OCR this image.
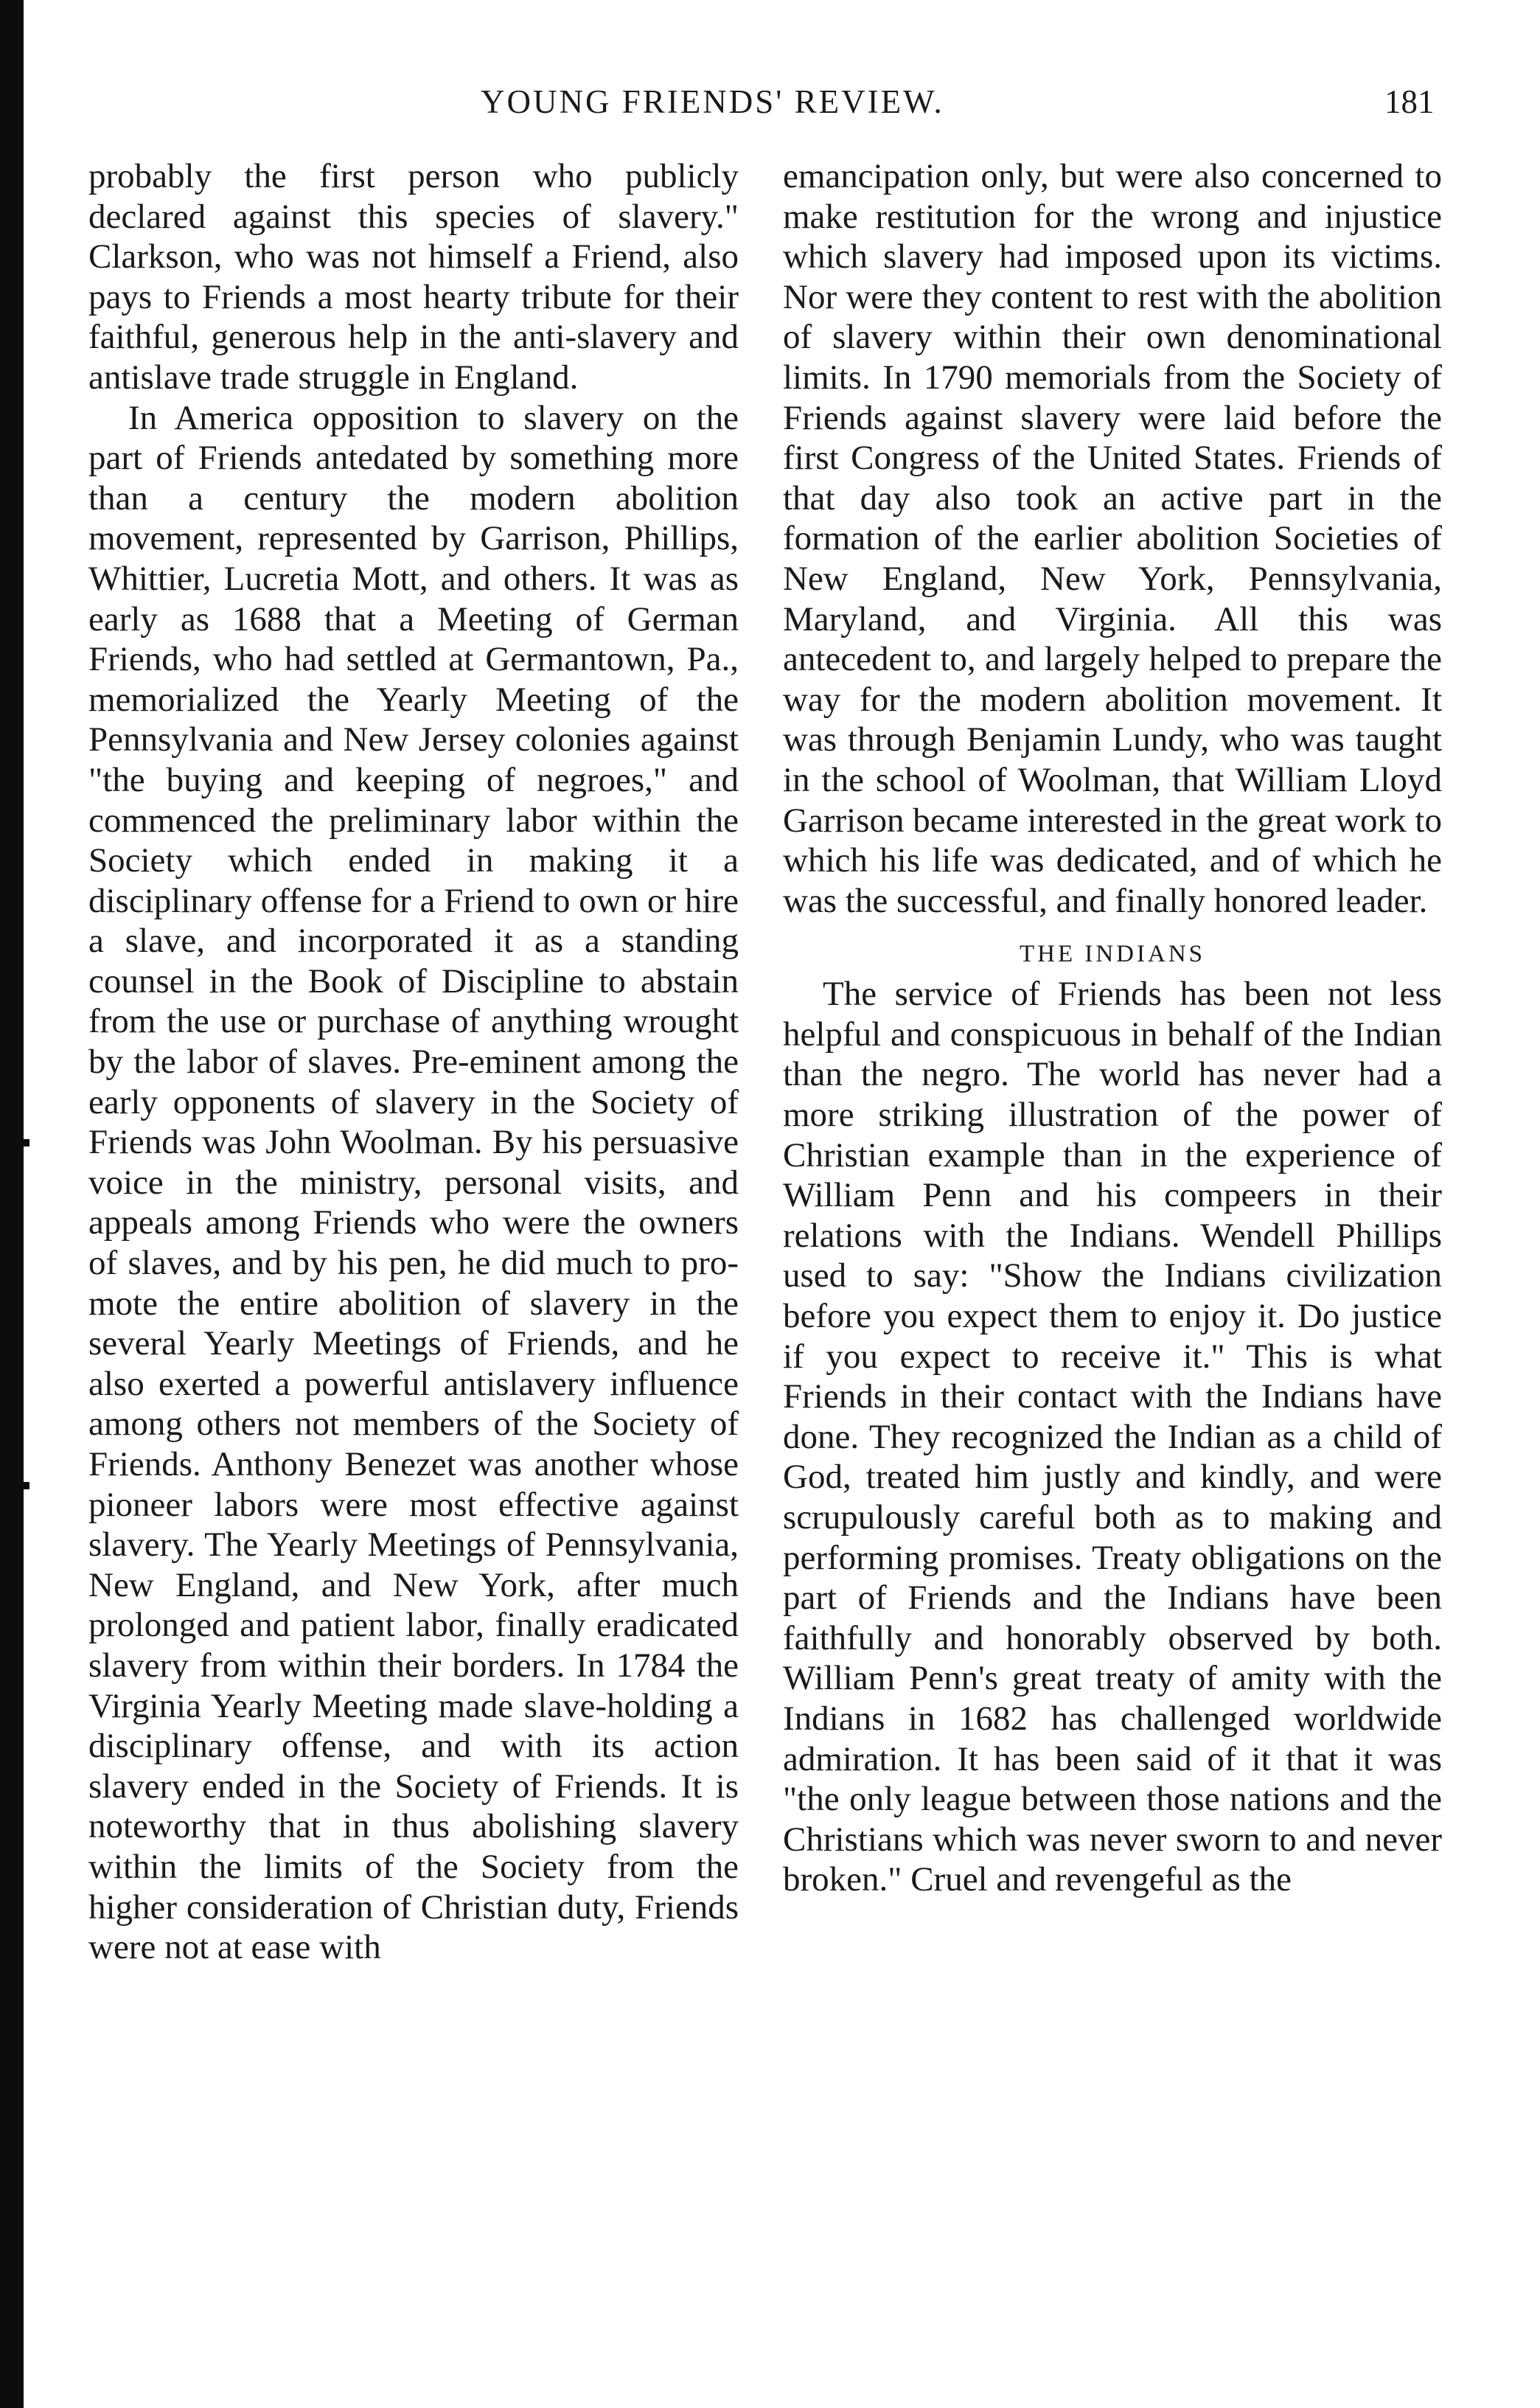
YOUNG FRIENDS' REVIEW.	181

probably the first person who publicly declared against this species of slavery." Clarkson, who was not himself a Friend, also pays to Friends a most hearty tribute for their faithful, generous help in the anti-slavery and antislave trade struggle in England.

In America opposition to slavery on the part of Friends antedated by something more than a century the modern abolition movement, represented by Garrison, Phillips, Whittier, Lucretia Mott, and others. It was as early as 1688 that a Meeting of German Friends, who had settled at Germantown, Pa., memorialized the Yearly Meeting of the Pennsylvania and New Jersey colonies against "the buying and keeping of negroes," and commenced the preliminary labor within the Society which ended in making it a disciplinary offense for a Friend to own or hire a slave, and incorporated it as a standing counsel in the Book of Discipline to abstain from the use or purchase of anything wrought by the labor of slaves. Pre-eminent among the early opponents of slavery in the Society of Friends was John Woolman. By his persuasive voice in the ministry, personal visits, and appeals among Friends who were the owners of slaves, and by his pen, he did much to promote the entire abolition of slavery in the several Yearly Meetings of Friends, and he also exerted a powerful antislavery influence among others not members of the Society of Friends. Anthony Benezet was another whose pioneer labors were most effective against slavery. The Yearly Meetings of Pennsylvania, New England, and New York, after much prolonged and patient labor, finally eradicated slavery from within their borders. In 1784 the Virginia Yearly Meeting made slave-holding a disciplinary offense, and with its action slavery ended in the Society of Friends. It is noteworthy that in thus abolishing slavery within the limits of the Society from the higher consideration of Christian duty, Friends were not at ease with

emancipation only, but were also concerned to make restitution for the wrong and injustice which slavery had imposed upon its victims. Nor were they content to rest with the abolition of slavery within their own denominational limits. In 1790 memorials from the Society of Friends against slavery were laid before the first Congress of the United States. Friends of that day also took an active part in the formation of the earlier abolition Societies of New England, New York, Pennsylvania, Maryland, and Virginia. All this was antecedent to, and largely helped to prepare the way for the modern abolition movement. It was through Benjamin Lundy, who was taught in the school of Woolman, that William Lloyd Garrison became interested in the great work to which his life was dedicated, and of which he was the successful, and finally honored leader.

THE INDIANS

The service of Friends has been not less helpful and conspicuous in behalf of the Indian than the negro. The world has never had a more striking illustration of the power of Christian example than in the experience of William Penn and his compeers in their relations with the Indians. Wendell Phillips used to say: "Show the Indians civilization before you expect them to enjoy it. Do justice if you expect to receive it." This is what Friends in their contact with the Indians have done. They recognized the Indian as a child of God, treated him justly and kindly, and were scrupulously careful both as to making and performing promises. Treaty obligations on the part of Friends and the Indians have been faithfully and honorably observed by both. William Penn's great treaty of amity with the Indians in 1682 has challenged worldwide admiration. It has been said of it that it was "the only league between those nations and the Christians which was never sworn to and never broken." Cruel and revengeful as the
